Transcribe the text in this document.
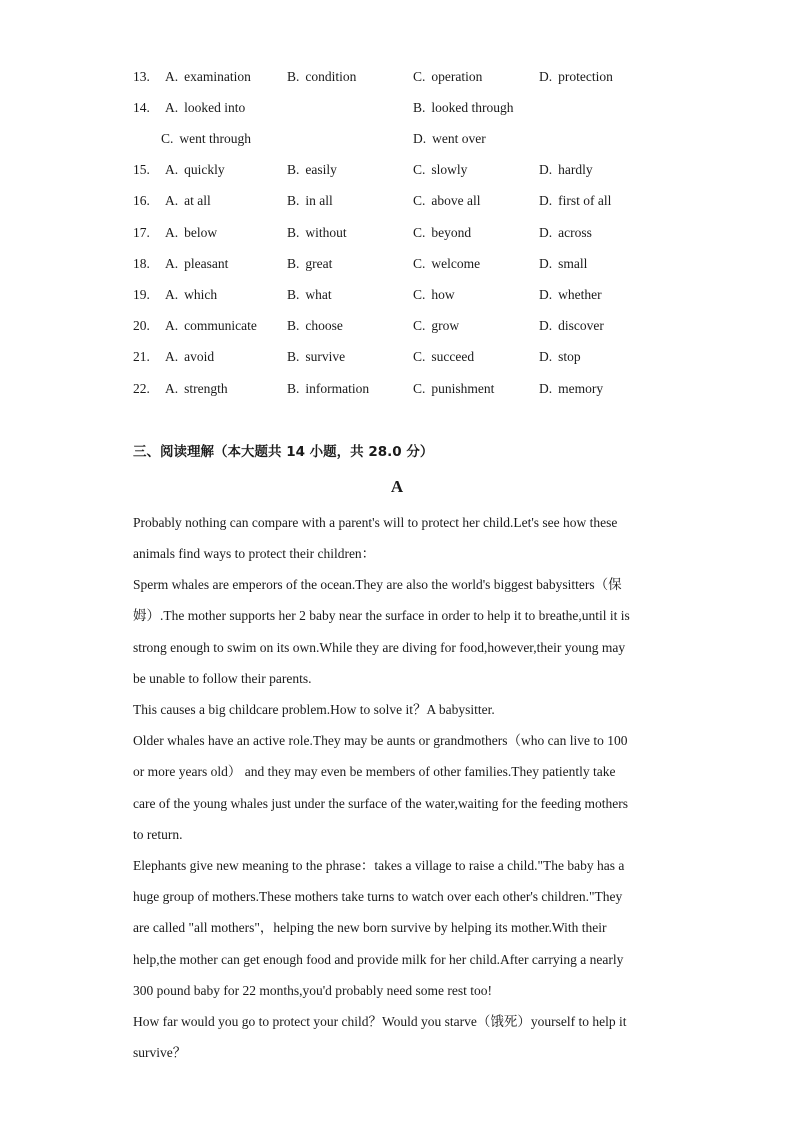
13. A. examination	B. condition	C. operation	D. protection
14. A. looked into	B. looked through
C. went through	D. went over
15. A. quickly	B. easily	C. slowly	D. hardly
16. A. at all	B. in all	C. above all	D. first of all
17. A. below	B. without	C. beyond	D. across
18. A. pleasant	B. great	C. welcome	D. small
19. A. which	B. what	C. how	D. whether
20. A. communicate B. choose	C. grow	D. discover
21. A. avoid	B. survive	C. succeed	D. stop
22. A. strength	B. information	C. punishment	D. memory
三、阅读理解（本大题共 14 小题，共 28.0 分）
A
Probably nothing can compare with a parent's will to protect her child.Let's see how these
animals find ways to protect their children：
Sperm whales are emperors of the ocean.They are also the world's biggest babysitters（保
姆）.The mother supports her 2 baby near the surface in order to help it to breathe,until it is
strong enough to swim on its own.While they are diving for food,however,their young may
be unable to follow their parents.
This causes a big childcare problem.How to solve it？A babysitter.
Older whales have an active role.They may be aunts or grandmothers（who can live to 100
or more years old） and they may even be members of other families.They patiently take
care of the young whales just under the surface of the water,waiting for the feeding mothers
to return.
Elephants give new meaning to the phrase：takes a village to raise a child."The baby has a
huge group of mothers.These mothers take turns to watch over each other's children."They
are called "all mothers"，helping the new born survive by helping its mother.With their
help,the mother can get enough food and provide milk for her child.After carrying a nearly
300 pound baby for 22 months,you'd probably need some rest too!
How far would you go to protect your child？Would you starve（饿死）yourself to help it
survive？
